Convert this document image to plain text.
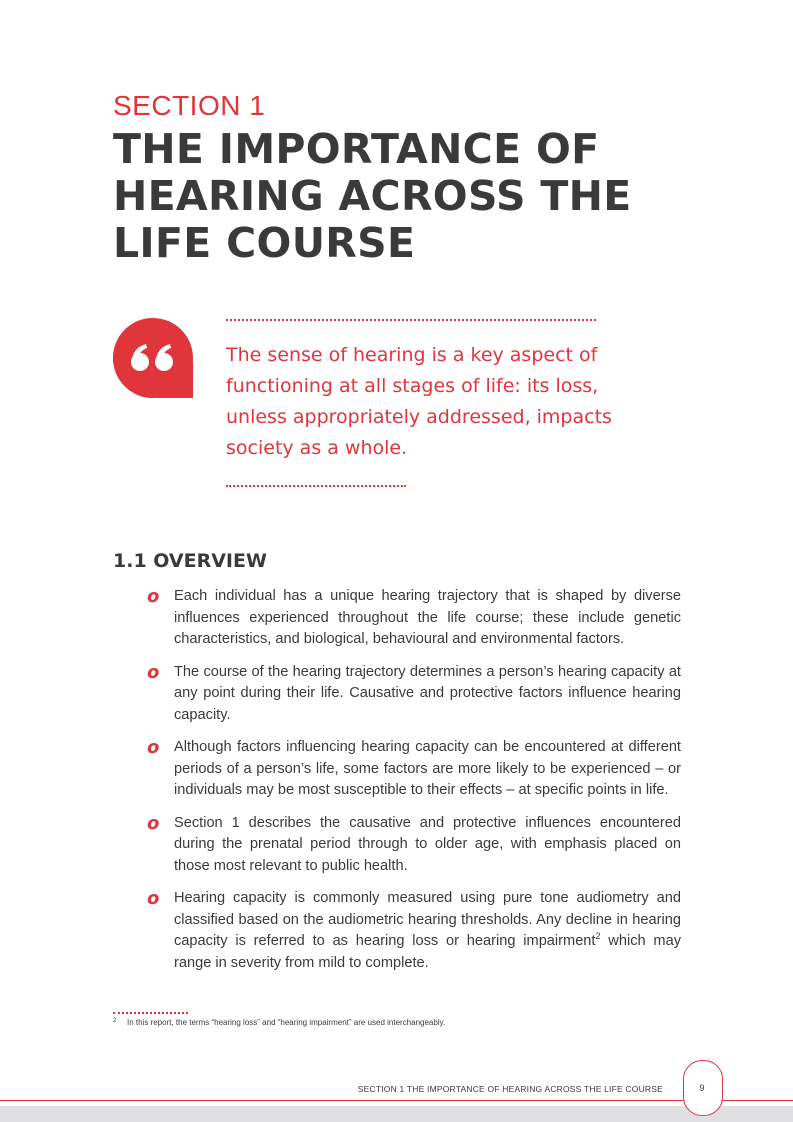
SECTION 1
THE IMPORTANCE OF
HEARING ACROSS THE
LIFE COURSE

The sense of hearing is a key aspect of functioning at all stages of life: its loss, unless appropriately addressed, impacts society as a whole.

1.1 OVERVIEW
o Each individual has a unique hearing trajectory that is shaped by diverse influences experienced throughout the life course; these include genetic characteristics, and biological, behavioural and environmental factors.
o The course of the hearing trajectory determines a person’s hearing capacity at any point during their life. Causative and protective factors influence hearing capacity.
o Although factors influencing hearing capacity can be encountered at different periods of a person’s life, some factors are more likely to be experienced – or individuals may be most susceptible to their effects – at specific points in life.
o Section 1 describes the causative and protective influences encountered during the prenatal period through to older age, with emphasis placed on those most relevant to public health.
o Hearing capacity is commonly measured using pure tone audiometry and classified based on the audiometric hearing thresholds. Any decline in hearing capacity is referred to as hearing loss or hearing impairment$^2$ which may range in severity from mild to complete.
2 In this report, the terms “hearing loss” and “hearing impairment” are used interchangeably.
SECTION 1 THE IMPORTANCE OF HEARING ACROSS THE LIFE COURSE	9
